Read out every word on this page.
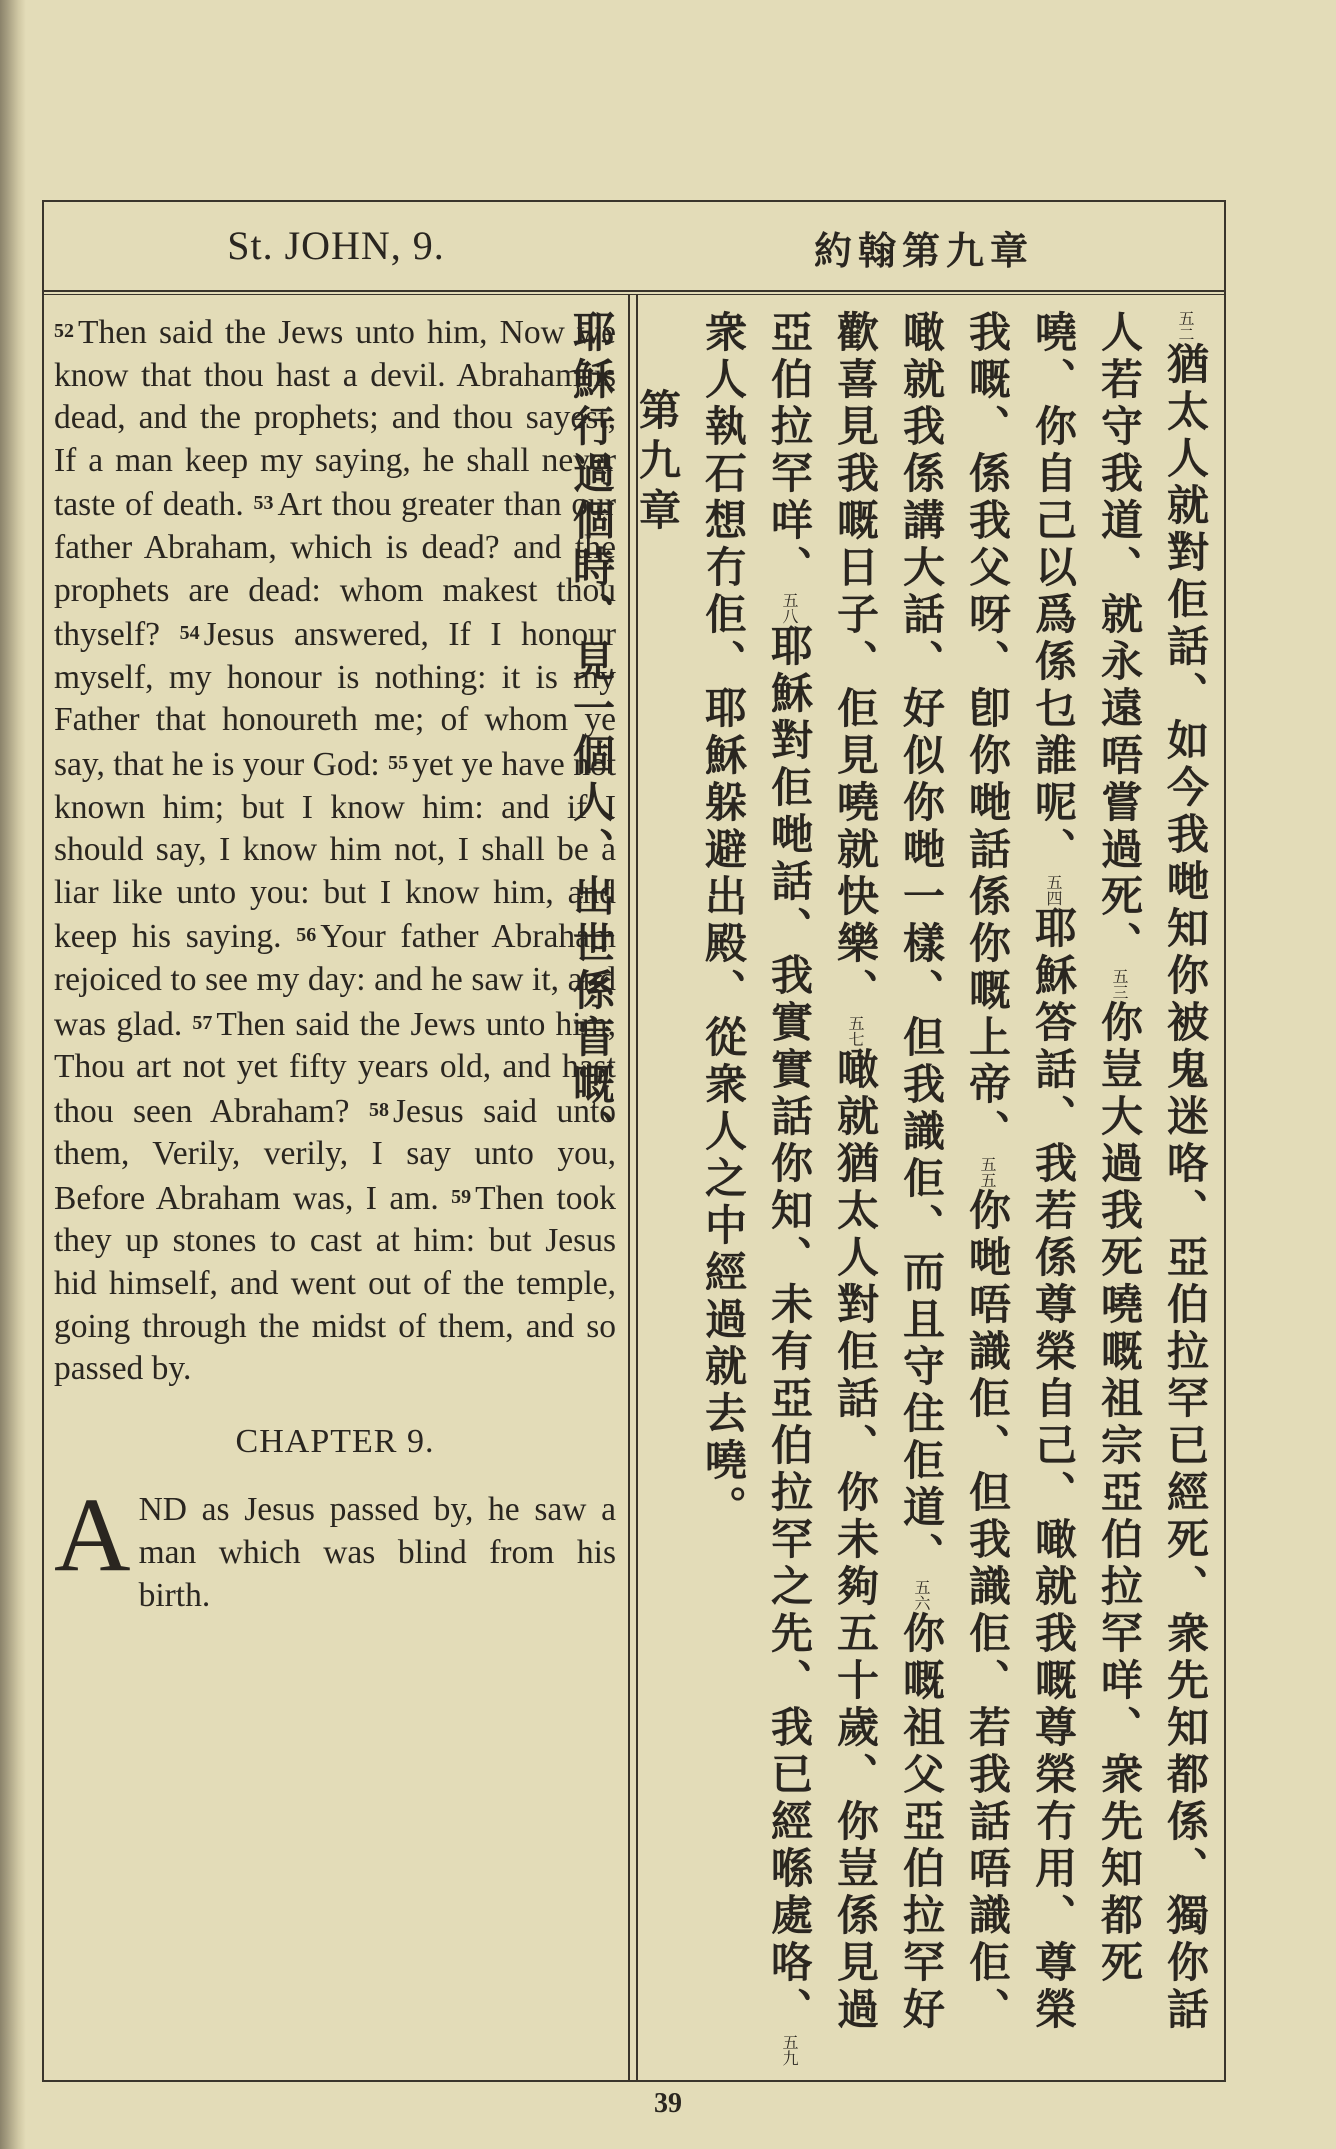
St. JOHN, 9.	約翰第九章

52 Then said the Jews unto him, Now we know that thou hast a devil. Abraham is dead, and the prophets; and thou sayest, If a man keep my saying, he shall never taste of death. 53 Art thou greater than our father Abraham, which is dead? and the prophets are dead: whom makest thou thyself? 54 Jesus answered, If I honour myself, my honour is nothing: it is my Father that honoureth me; of whom ye say, that he is your God: 55 yet ye have not known him; but I know him: and if I should say, I know him not, I shall be a liar like unto you: but I know him, and keep his saying. 56 Your father Abraham rejoiced to see my day: and he saw it, and was glad. 57 Then said the Jews unto him, Thou art not yet fifty years old, and hast thou seen Abraham? 58 Jesus said unto them, Verily, verily, I say unto you, Before Abraham was, I am. 59 Then took they up stones to cast at him: but Jesus hid himself, and went out of the temple, going through the midst of them, and so passed by.

CHAPTER 9.

AND as Jesus passed by, he saw a man which was blind from his birth.

五二猶太人就對佢話、如今我哋知你被鬼迷咯、亞伯拉罕已經死、衆先知都係、獨你話人若守我道、就永遠唔嘗過死、五三你豈大過我死嘵嘅祖宗亞伯拉罕咩、衆先知都死嘵、你自己以爲係乜誰呢、五四耶穌答話、我若係尊榮自己、噉就我嘅尊榮冇用、尊榮我嘅、係我父呀、卽你哋話係你嘅上帝、五五你哋唔識佢、但我識佢、若我話唔識佢、噉就我係講大話、好似你哋一樣、但我識佢、而且守住佢道、五六你嘅祖父亞伯拉罕好歡喜見我嘅日子、佢見嘵就快樂、五七噉就猶太人對佢話、你未夠五十歲、你豈係見過亞伯拉罕咩、五八耶穌對佢哋話、我實實話你知、未有亞伯拉罕之先、我已經喺處咯、五九衆人執石想冇佢、耶穌躲避出殿、從衆人之中經過就去嘵。

第九章

耶穌行過個時、見一個人、出世係盲嘅、

39
